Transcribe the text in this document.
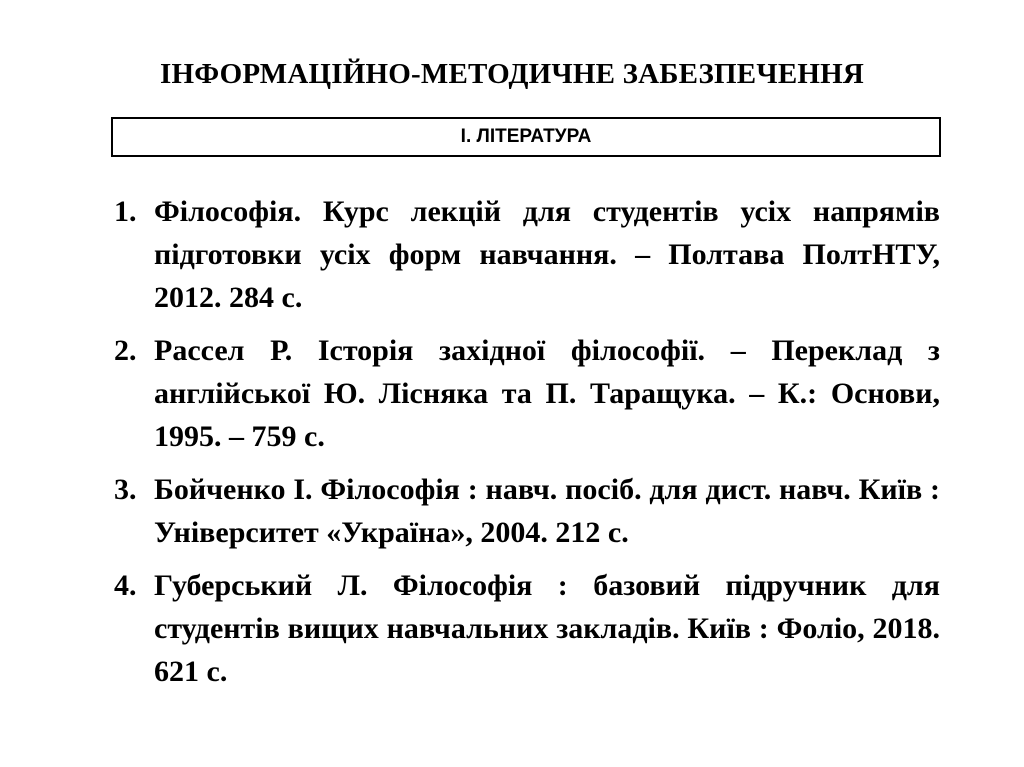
ІНФОРМАЦІЙНО-МЕТОДИЧНЕ ЗАБЕЗПЕЧЕННЯ
І. ЛІТЕРАТУРА
1. Філософія. Курс лекцій для студентів усіх напрямів підготовки усіх форм навчання. – Полтава ПолтНТУ, 2012. 284 с.
2. Рассел Р. Історія західної філософії. – Переклад з англійської Ю. Лісняка та П. Таращука. – К.: Основи, 1995. – 759 с.
3. Бойченко І. Філософія : навч. посіб. для дист. навч. Київ : Університет «Україна», 2004. 212 с.
4. Губерський Л. Філософія : базовий підручник для студентів вищих навчальних закладів. Київ : Фоліо, 2018. 621 с.
